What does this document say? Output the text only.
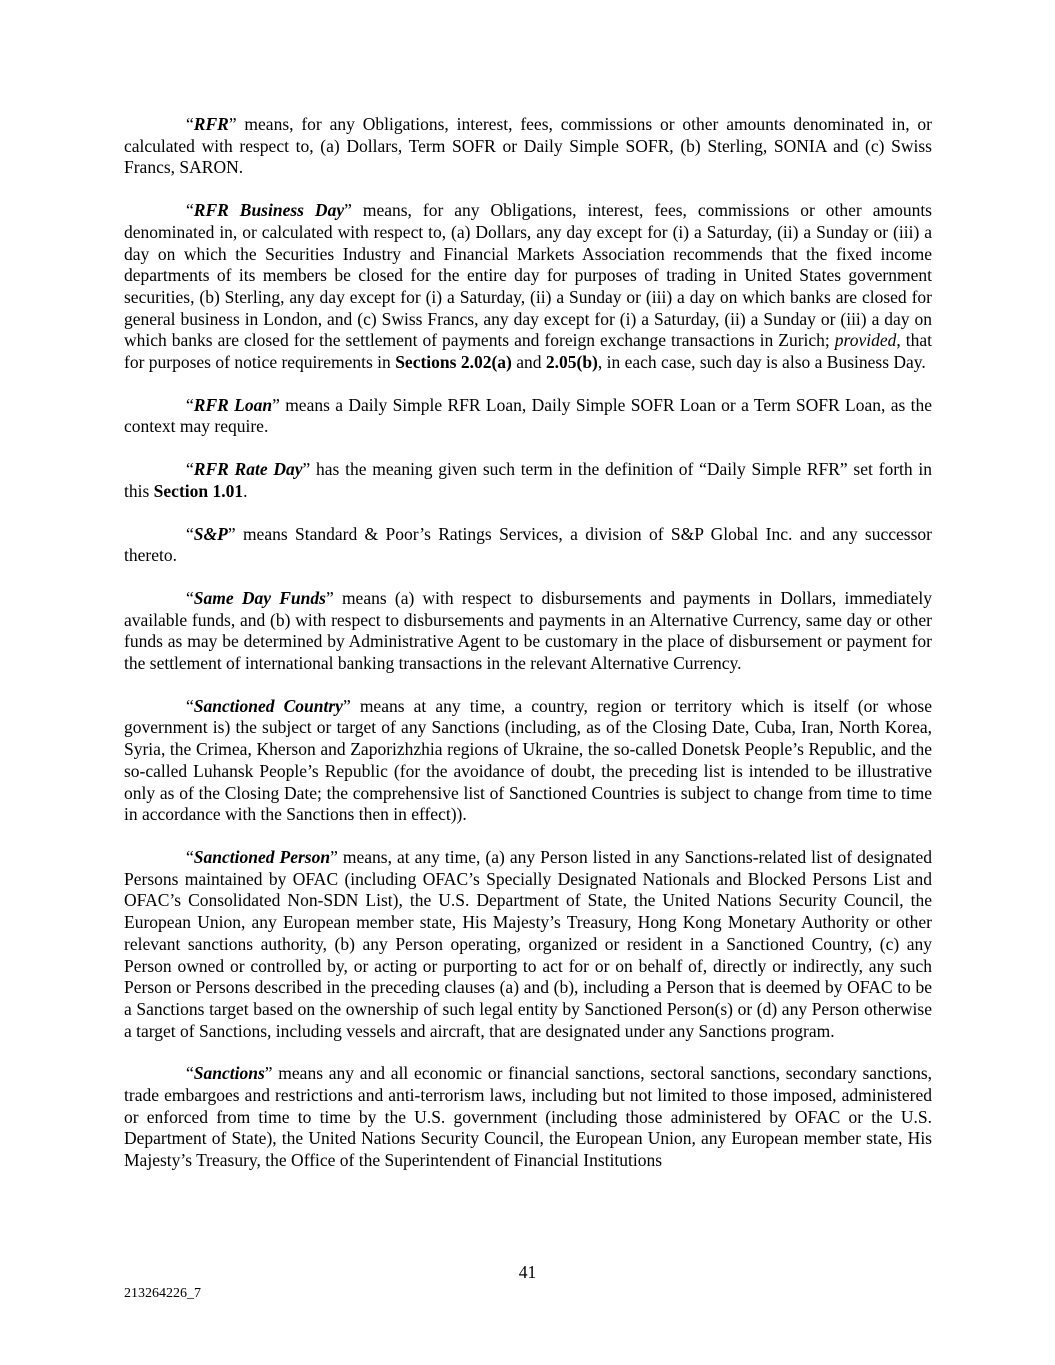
“RFR” means, for any Obligations, interest, fees, commissions or other amounts denominated in, or calculated with respect to, (a) Dollars, Term SOFR or Daily Simple SOFR, (b) Sterling, SONIA and (c) Swiss Francs, SARON.

“RFR Business Day” means, for any Obligations, interest, fees, commissions or other amounts denominated in, or calculated with respect to, (a) Dollars, any day except for (i) a Saturday, (ii) a Sunday or (iii) a day on which the Securities Industry and Financial Markets Association recommends that the fixed income departments of its members be closed for the entire day for purposes of trading in United States government securities, (b) Sterling, any day except for (i) a Saturday, (ii) a Sunday or (iii) a day on which banks are closed for general business in London, and (c) Swiss Francs, any day except for (i) a Saturday, (ii) a Sunday or (iii) a day on which banks are closed for the settlement of payments and foreign exchange transactions in Zurich; provided, that for purposes of notice requirements in Sections 2.02(a) and 2.05(b), in each case, such day is also a Business Day.

“RFR Loan” means a Daily Simple RFR Loan, Daily Simple SOFR Loan or a Term SOFR Loan, as the context may require.

“RFR Rate Day” has the meaning given such term in the definition of “Daily Simple RFR” set forth in this Section 1.01.

“S&P” means Standard & Poor’s Ratings Services, a division of S&P Global Inc. and any successor thereto.

“Same Day Funds” means (a) with respect to disbursements and payments in Dollars, immediately available funds, and (b) with respect to disbursements and payments in an Alternative Currency, same day or other funds as may be determined by Administrative Agent to be customary in the place of disbursement or payment for the settlement of international banking transactions in the relevant Alternative Currency.

“Sanctioned Country” means at any time, a country, region or territory which is itself (or whose government is) the subject or target of any Sanctions (including, as of the Closing Date, Cuba, Iran, North Korea, Syria, the Crimea, Kherson and Zaporizhzhia regions of Ukraine, the so-called Donetsk People’s Republic, and the so-called Luhansk People’s Republic (for the avoidance of doubt, the preceding list is intended to be illustrative only as of the Closing Date; the comprehensive list of Sanctioned Countries is subject to change from time to time in accordance with the Sanctions then in effect)).

“Sanctioned Person” means, at any time, (a) any Person listed in any Sanctions-related list of designated Persons maintained by OFAC (including OFAC’s Specially Designated Nationals and Blocked Persons List and OFAC’s Consolidated Non-SDN List), the U.S. Department of State, the United Nations Security Council, the European Union, any European member state, His Majesty’s Treasury, Hong Kong Monetary Authority or other relevant sanctions authority, (b) any Person operating, organized or resident in a Sanctioned Country, (c) any Person owned or controlled by, or acting or purporting to act for or on behalf of, directly or indirectly, any such Person or Persons described in the preceding clauses (a) and (b), including a Person that is deemed by OFAC to be a Sanctions target based on the ownership of such legal entity by Sanctioned Person(s) or (d) any Person otherwise a target of Sanctions, including vessels and aircraft, that are designated under any Sanctions program.

“Sanctions” means any and all economic or financial sanctions, sectoral sanctions, secondary sanctions, trade embargoes and restrictions and anti-terrorism laws, including but not limited to those imposed, administered or enforced from time to time by the U.S. government (including those administered by OFAC or the U.S. Department of State), the United Nations Security Council, the European Union, any European member state, His Majesty’s Treasury, the Office of the Superintendent of Financial Institutions

41
213264226_7
